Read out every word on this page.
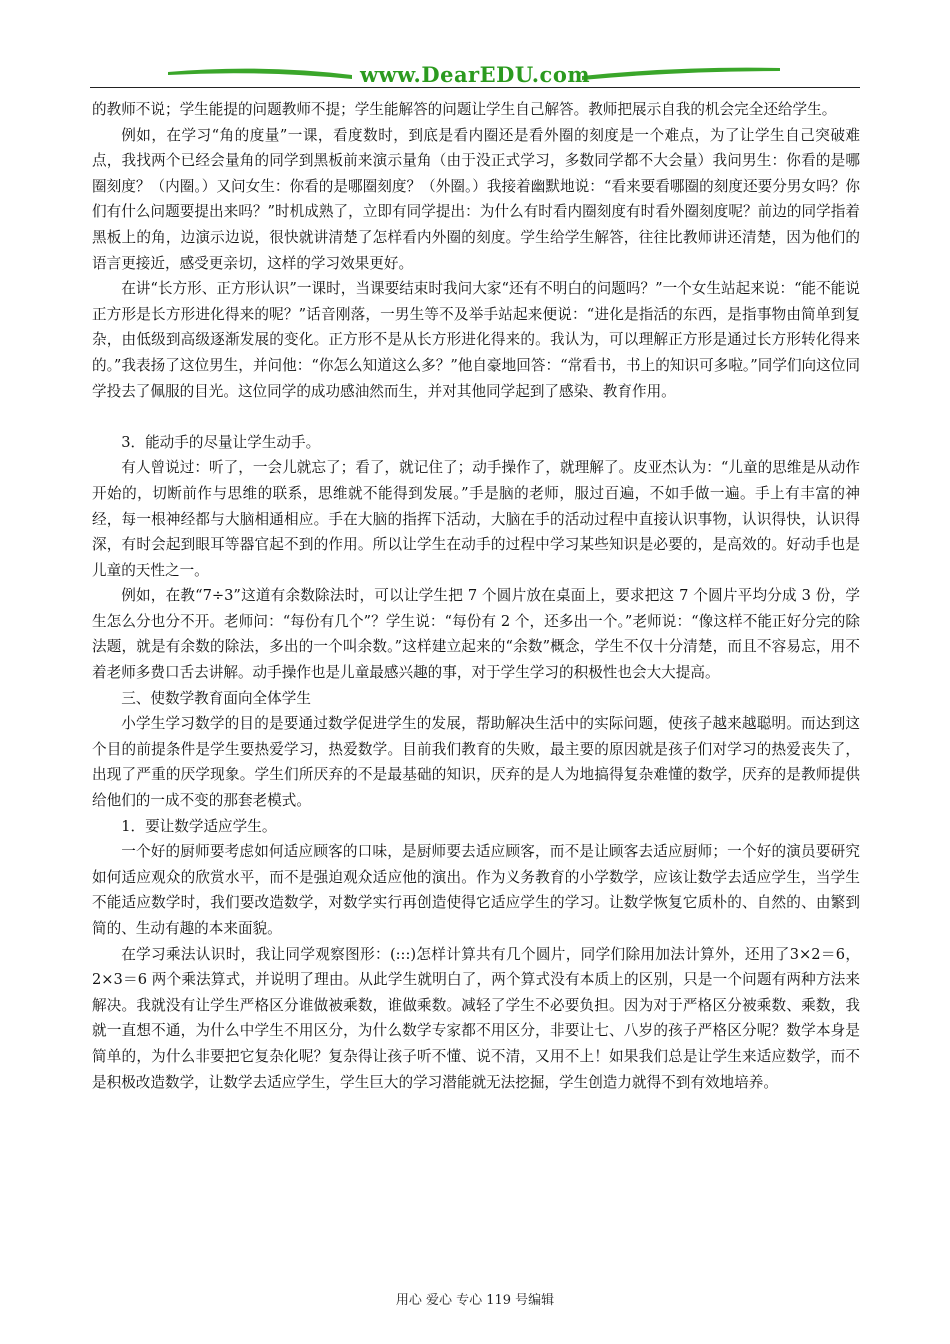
www.DearEDU.com

的教师不说；学生能提的问题教师不提；学生能解答的问题让学生自己解答。教师把展示自我的机会完全还给学生。

例如，在学习“角的度量”一课，看度数时，到底是看内圈还是看外圈的刻度是一个难点，为了让学生自己突破难点，我找两个已经会量角的同学到黑板前来演示量角（由于没正式学习，多数同学都不大会量）我问男生：你看的是哪圈刻度？（内圈。）又问女生：你看的是哪圈刻度？（外圈。）我接着幽默地说：“看来要看哪圈的刻度还要分男女吗？你们有什么问题要提出来吗？”时机成熟了，立即有同学提出：为什么有时看内圈刻度有时看外圈刻度呢？前边的同学指着黑板上的角，边演示边说，很快就讲清楚了怎样看内外圈的刻度。学生给学生解答，往往比教师讲还清楚，因为他们的语言更接近，感受更亲切，这样的学习效果更好。

在讲“长方形、正方形认识”一课时，当课要结束时我问大家“还有不明白的问题吗？”一个女生站起来说：“能不能说正方形是长方形进化得来的呢？”话音刚落，一男生等不及举手站起来便说：“进化是指活的东西，是指事物由简单到复杂，由低级到高级逐渐发展的变化。正方形不是从长方形进化得来的。我认为，可以理解正方形是通过长方形转化得来的。”我表扬了这位男生，并问他：“你怎么知道这么多？”他自豪地回答：“常看书，书上的知识可多啦。”同学们向这位同学投去了佩服的目光。这位同学的成功感油然而生，并对其他同学起到了感染、教育作用。

3．能动手的尽量让学生动手。

有人曾说过：听了，一会儿就忘了；看了，就记住了；动手操作了，就理解了。皮亚杰认为：“儿童的思维是从动作开始的，切断前作与思维的联系，思维就不能得到发展。”手是脑的老师，服过百遍，不如手做一遍。手上有丰富的神经，每一根神经都与大脑相通相应。手在大脑的指挥下活动，大脑在手的活动过程中直接认识事物，认识得快，认识得深，有时会起到眼耳等器官起不到的作用。所以让学生在动手的过程中学习某些知识是必要的，是高效的。好动手也是儿童的天性之一。

例如，在教“7÷3”这道有余数除法时，可以让学生把 7 个圆片放在桌面上，要求把这 7 个圆片平均分成 3 份，学生怎么分也分不开。老师问：“每份有几个”？学生说：“每份有 2 个，还多出一个。”老师说：“像这样不能正好分完的除法题，就是有余数的除法，多出的一个叫余数。”这样建立起来的“余数”概念，学生不仅十分清楚，而且不容易忘，用不着老师多费口舌去讲解。动手操作也是儿童最感兴趣的事，对于学生学习的积极性也会大大提高。

三、使数学教育面向全体学生

小学生学习数学的目的是要通过数学促进学生的发展，帮助解决生活中的实际问题，使孩子越来越聪明。而达到这个目的前提条件是学生要热爱学习，热爱数学。目前我们教育的失败，最主要的原因就是孩子们对学习的热爱丧失了，出现了严重的厌学现象。学生们所厌弃的不是最基础的知识，厌弃的是人为地搞得复杂难懂的数学，厌弃的是教师提供给他们的一成不变的那套老模式。

1．要让数学适应学生。

一个好的厨师要考虑如何适应顾客的口味，是厨师要去适应顾客，而不是让顾客去适应厨师；一个好的演员要研究如何适应观众的欣赏水平，而不是强迫观众适应他的演出。作为义务教育的小学数学，应该让数学去适应学生，当学生不能适应数学时，我们要改造数学，对数学实行再创造使得它适应学生的学习。让数学恢复它质朴的、自然的、由繁到简的、生动有趣的本来面貌。

在学习乘法认识时，我让同学观察图形：(:::)怎样计算共有几个圆片，同学们除用加法计算外，还用了3×2＝6，2×3＝6 两个乘法算式，并说明了理由。从此学生就明白了，两个算式没有本质上的区别，只是一个问题有两种方法来解决。我就没有让学生严格区分谁做被乘数，谁做乘数。减轻了学生不必要负担。因为对于严格区分被乘数、乘数，我就一直想不通，为什么中学生不用区分，为什么数学专家都不用区分，非要让七、八岁的孩子严格区分呢？数学本身是简单的，为什么非要把它复杂化呢？复杂得让孩子听不懂、说不清，又用不上！如果我们总是让学生来适应数学，而不是积极改造数学，让数学去适应学生，学生巨大的学习潜能就无法挖掘，学生创造力就得不到有效地培养。

用心 爱心 专心 119 号编辑
